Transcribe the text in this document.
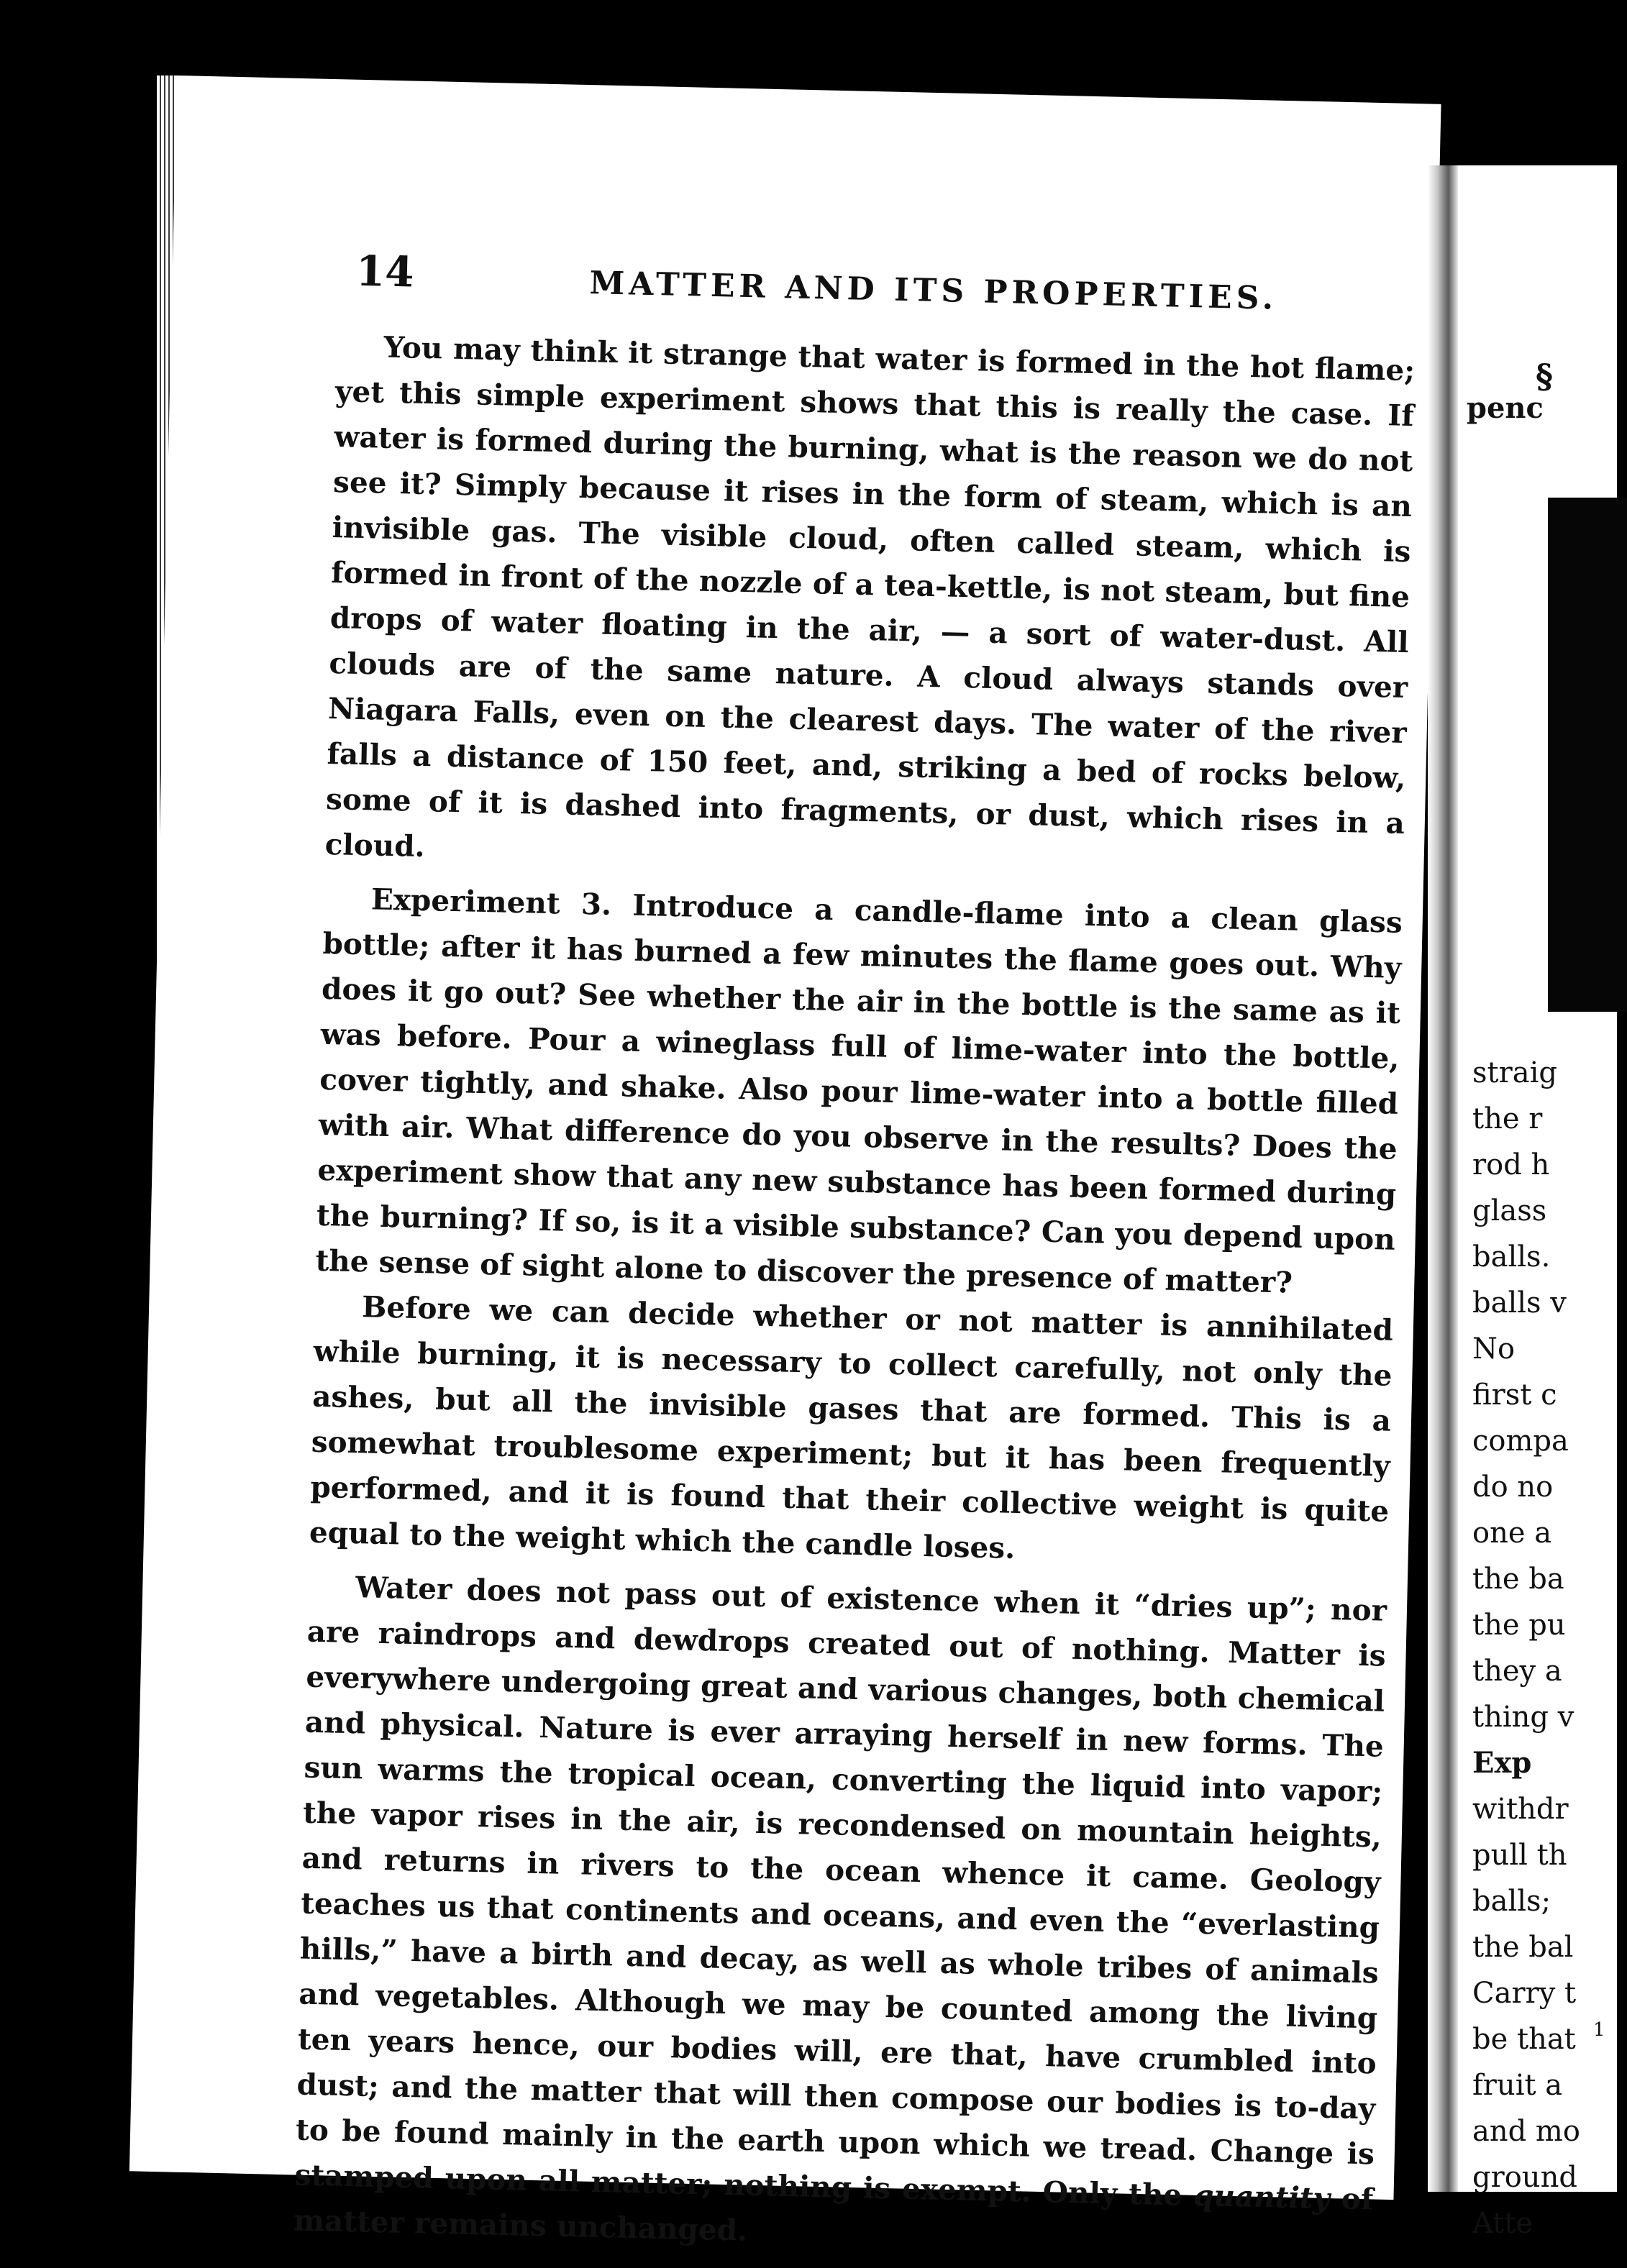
14	MATTER AND ITS PROPERTIES.

You may think it strange that water is formed in the hot flame; yet this simple experiment shows that this is really the case. If water is formed during the burning, what is the reason we do not see it? Simply because it rises in the form of steam, which is an invisible gas. The visible cloud, often called steam, which is formed in front of the nozzle of a tea-kettle, is not steam, but fine drops of water floating in the air, — a sort of water-dust. All clouds are of the same nature. A cloud always stands over Niagara Falls, even on the clearest days. The water of the river falls a distance of 150 feet, and, striking a bed of rocks below, some of it is dashed into fragments, or dust, which rises in a cloud.

Experiment 3. Introduce a candle-flame into a clean glass bottle; after it has burned a few minutes the flame goes out. Why does it go out? See whether the air in the bottle is the same as it was before. Pour a wineglass full of lime-water into the bottle, cover tightly, and shake. Also pour lime-water into a bottle filled with air. What difference do you observe in the results? Does the experiment show that any new substance has been formed during the burning? If so, is it a visible substance? Can you depend upon the sense of sight alone to discover the presence of matter?

Before we can decide whether or not matter is annihilated while burning, it is necessary to collect carefully, not only the ashes, but all the invisible gases that are formed. This is a somewhat troublesome experiment; but it has been frequently performed, and it is found that their collective weight is quite equal to the weight which the candle loses.

Water does not pass out of existence when it “dries up”; nor are raindrops and dewdrops created out of nothing. Matter is everywhere undergoing great and various changes, both chemical and physical. Nature is ever arraying herself in new forms. The sun warms the tropical ocean, converting the liquid into vapor; the vapor rises in the air, is recondensed on mountain heights, and returns in rivers to the ocean whence it came. Geology teaches us that continents and oceans, and even the “everlasting hills,” have a birth and decay, as well as whole tribes of animals and vegetables. Although we may be counted among the living ten years hence, our bodies will, ere that, have crumbled into dust; and the matter that will then compose our bodies is to-day to be found mainly in the earth upon which we tread. Change is stamped upon all matter; nothing is exempt. Only the quantity of matter remains unchanged.

§
penc
straig
the r
rod h
glass
balls.
balls v
No
first c
compa
do no
one a
the ba
the pu
they a
thing v
Exp
withdr
pull th
balls;
the bal
Carry t
be that
fruit a
and mo
ground
Atte
1
